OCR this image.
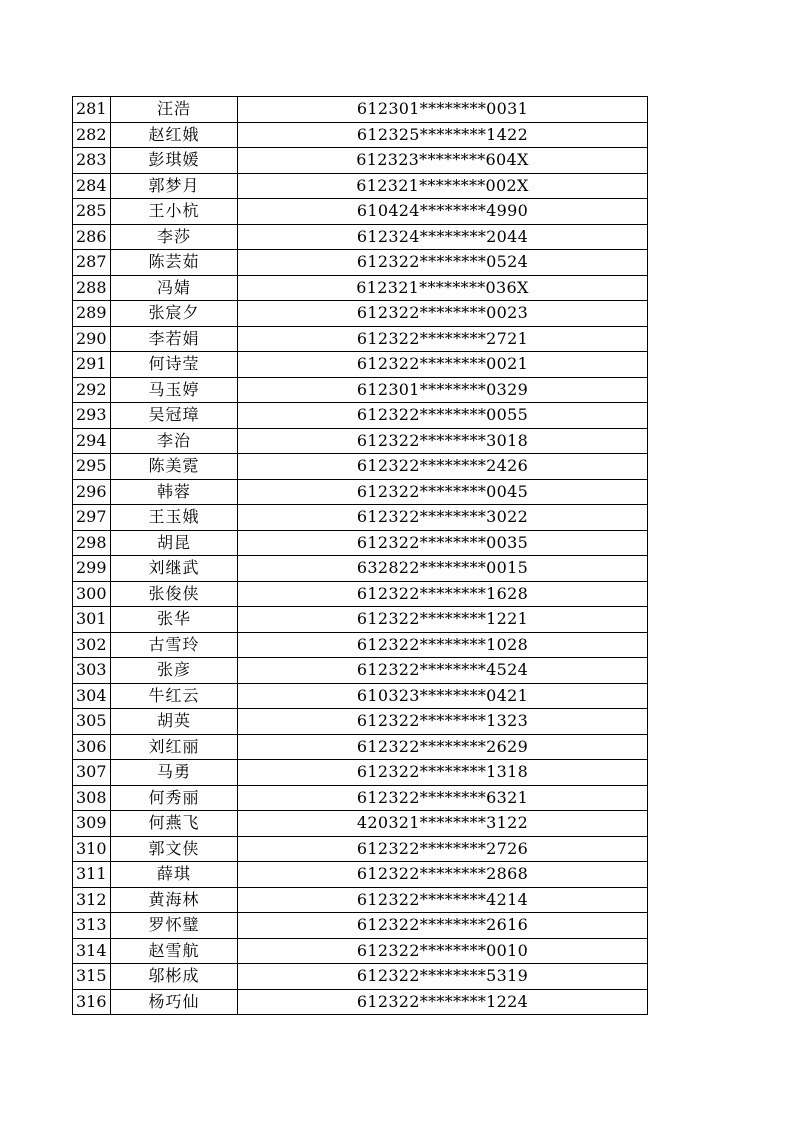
281	汪浩	612301********0031
282	赵红娥	612325********1422
283	彭琪媛	612323********604X
284	郭梦月	612321********002X
285	王小杭	610424********4990
286	李莎	612324********2044
287	陈芸茹	612322********0524
288	冯婧	612321********036X
289	张宸夕	612322********0023
290	李若娟	612322********2721
291	何诗莹	612322********0021
292	马玉婷	612301********0329
293	吴冠璋	612322********0055
294	李治	612322********3018
295	陈美霓	612322********2426
296	韩蓉	612322********0045
297	王玉娥	612322********3022
298	胡昆	612322********0035
299	刘继武	632822********0015
300	张俊侠	612322********1628
301	张华	612322********1221
302	古雪玲	612322********1028
303	张彦	612322********4524
304	牛红云	610323********0421
305	胡英	612322********1323
306	刘红丽	612322********2629
307	马勇	612322********1318
308	何秀丽	612322********6321
309	何燕飞	420321********3122
310	郭文侠	612322********2726
311	薛琪	612322********2868
312	黄海林	612322********4214
313	罗怀璧	612322********2616
314	赵雪航	612322********0010
315	邬彬成	612322********5319
316	杨巧仙	612322********1224
